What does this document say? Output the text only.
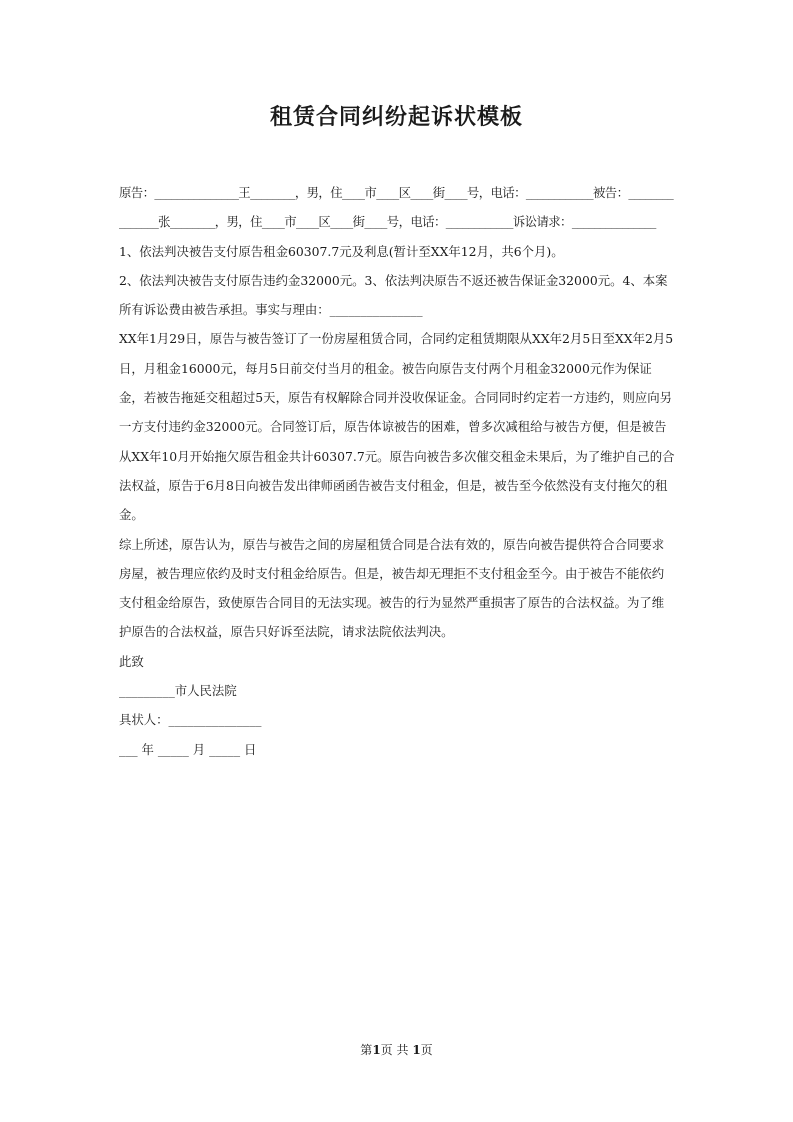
租赁合同纠纷起诉状模板

原告：_______________王________，男，住____市____区____街____号，电话：____________被告：_______________张________，男，住____市____区____街____号，电话：____________诉讼请求：_______________

1、依法判决被告支付原告租金60307.7元及利息(暂计至XX年12月，共6个月)。

2、依法判决被告支付原告违约金32000元。3、依法判决原告不返还被告保证金32000元。4、本案所有诉讼费由被告承担。事实与理由：_______________

XX年1月29日，原告与被告签订了一份房屋租赁合同，合同约定租赁期限从XX年2月5日至XX年2月5日，月租金16000元，每月5日前交付当月的租金。被告向原告支付两个月租金32000元作为保证金，若被告拖延交租超过5天，原告有权解除合同并没收保证金。合同同时约定若一方违约，则应向另一方支付违约金32000元。合同签订后，原告体谅被告的困难，曾多次减租给与被告方便，但是被告从XX年10月开始拖欠原告租金共计60307.7元。原告向被告多次催交租金未果后，为了维护自己的合法权益，原告于6月8日向被告发出律师函函告被告支付租金，但是，被告至今依然没有支付拖欠的租金。

综上所述，原告认为，原告与被告之间的房屋租赁合同是合法有效的，原告向被告提供符合合同要求房屋，被告理应依约及时支付租金给原告。但是，被告却无理拒不支付租金至今。由于被告不能依约支付租金给原告，致使原告合同目的无法实现。被告的行为显然严重损害了原告的合法权益。为了维护原告的合法权益，原告只好诉至法院，请求法院依法判决。

此致

_________市人民法院

具状人：_______________

___ 年 _____ 月 _____ 日

第1页 共 1页
